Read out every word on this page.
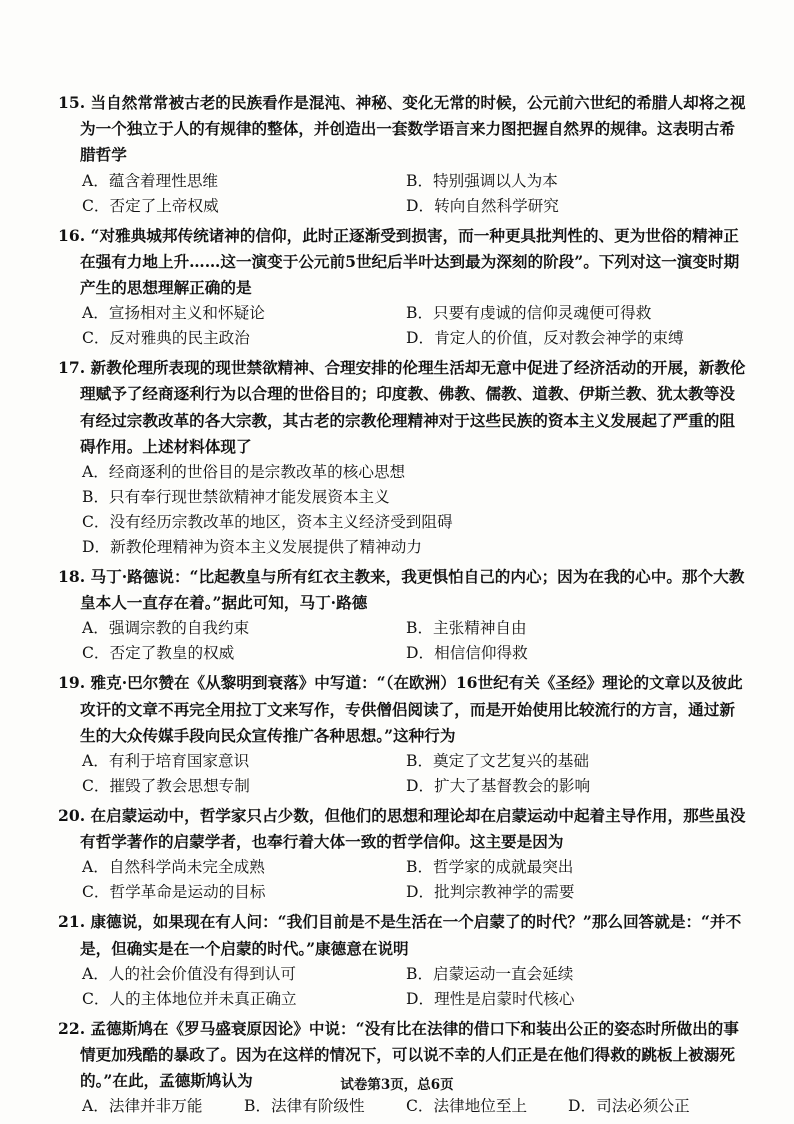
15. 当自然常常被古老的民族看作是混沌、神秘、变化无常的时候，公元前六世纪的希腊人却将之视为一个独立于人的有规律的整体，并创造出一套数学语言来力图把握自然界的规律。这表明古希腊哲学
A．蕴含着理性思维	B．特别强调以人为本
C．否定了上帝权威	D．转向自然科学研究
16. “对雅典城邦传统诸神的信仰，此时正逐渐受到损害，而一种更具批判性的、更为世俗的精神正在强有力地上升……这一演变于公元前5世纪后半叶达到最为深刻的阶段”。下列对这一演变时期产生的思想理解正确的是
A．宣扬相对主义和怀疑论	B．只要有虔诚的信仰灵魂便可得救
C．反对雅典的民主政治	D．肯定人的价值，反对教会神学的束缚
17. 新教伦理所表现的现世禁欲精神、合理安排的伦理生活却无意中促进了经济活动的开展，新教伦理赋予了经商逐利行为以合理的世俗目的；印度教、佛教、儒教、道教、伊斯兰教、犹太教等没有经过宗教改革的各大宗教，其古老的宗教伦理精神对于这些民族的资本主义发展起了严重的阻碍作用。上述材料体现了
A．经商逐利的世俗目的是宗教改革的核心思想
B．只有奉行现世禁欲精神才能发展资本主义
C．没有经历宗教改革的地区，资本主义经济受到阻碍
D．新教伦理精神为资本主义发展提供了精神动力
18. 马丁·路德说：“比起教皇与所有红衣主教来，我更惧怕自己的内心；因为在我的心中。那个大教皇本人一直存在着。”据此可知，马丁·路德
A．强调宗教的自我约束	B．主张精神自由
C．否定了教皇的权威	D．相信信仰得救
19. 雅克·巴尔赞在《从黎明到衰落》中写道：“（在欧洲）16世纪有关《圣经》理论的文章以及彼此攻讦的文章不再完全用拉丁文来写作，专供僧侣阅读了，而是开始使用比较流行的方言，通过新生的大众传媒手段向民众宣传推广各种思想。”这种行为
A．有利于培育国家意识	B．奠定了文艺复兴的基础
C．摧毁了教会思想专制	D．扩大了基督教会的影响
20. 在启蒙运动中，哲学家只占少数，但他们的思想和理论却在启蒙运动中起着主导作用，那些虽没有哲学著作的启蒙学者，也奉行着大体一致的哲学信仰。这主要是因为
A．自然科学尚未完全成熟	B．哲学家的成就最突出
C．哲学革命是运动的目标	D．批判宗教神学的需要
21. 康德说，如果现在有人问：“我们目前是不是生活在一个启蒙了的时代？”那么回答就是：“并不是，但确实是在一个启蒙的时代。”康德意在说明
A．人的社会价值没有得到认可	B．启蒙运动一直会延续
C．人的主体地位并未真正确立	D．理性是启蒙时代核心
22. 孟德斯鸠在《罗马盛衰原因论》中说：“没有比在法律的借口下和装出公正的姿态时所做出的事情更加残酷的暴政了。因为在这样的情况下，可以说不幸的人们正是在他们得救的跳板上被溺死的。”在此，孟德斯鸠认为
A．法律并非万能	B．法律有阶级性	C．法律地位至上	D．司法必须公正
试卷第3页，总6页
